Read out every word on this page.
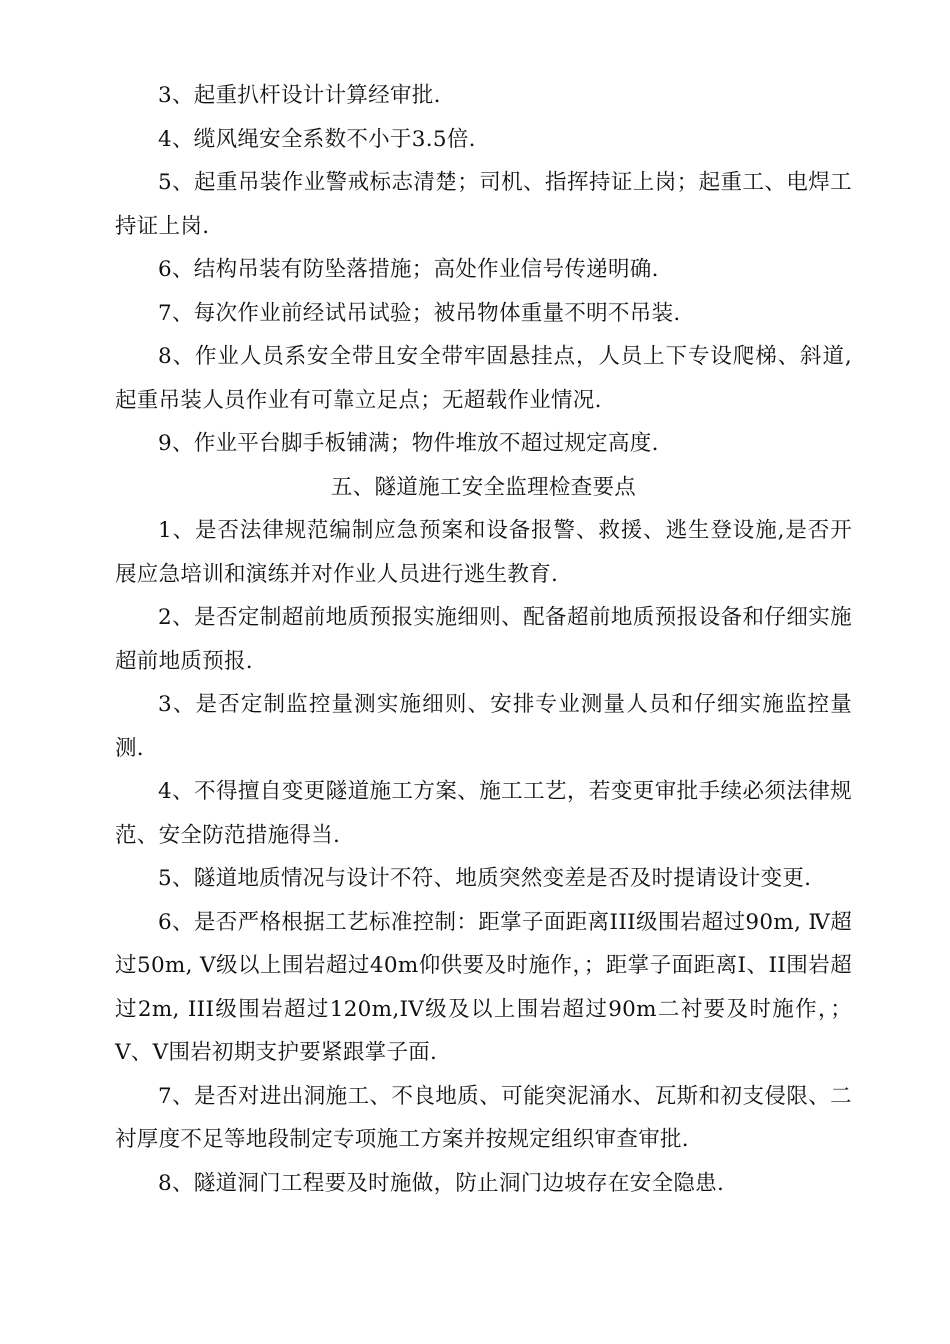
3、起重扒杆设计计算经审批.

4、缆风绳安全系数不小于3.5倍.

5、起重吊装作业警戒标志清楚；司机、指挥持证上岗；起重工、电焊工持证上岗.

6、结构吊装有防坠落措施；高处作业信号传递明确.

7、每次作业前经试吊试验；被吊物体重量不明不吊装.

8、作业人员系安全带且安全带牢固悬挂点，人员上下专设爬梯、斜道,起重吊装人员作业有可靠立足点；无超载作业情况.

9、作业平台脚手板铺满；物件堆放不超过规定高度.

五、隧道施工安全监理检查要点

1、是否法律规范编制应急预案和设备报警、救援、逃生登设施,是否开展应急培训和演练并对作业人员进行逃生教育.

2、是否定制超前地质预报实施细则、配备超前地质预报设备和仔细实施超前地质预报.

3、是否定制监控量测实施细则、安排专业测量人员和仔细实施监控量测.

4、不得擅自变更隧道施工方案、施工工艺，若变更审批手续必须法律规范、安全防范措施得当.

5、隧道地质情况与设计不符、地质突然变差是否及时提请设计变更.

6、是否严格根据工艺标准控制：距掌子面距离III级围岩超过90m, Ⅳ超过50m, Ⅴ级以上围岩超过40m仰供要及时施作，；距掌子面距离I、II围岩超过2m, III级围岩超过120m,IV级及以上围岩超过90m二衬要及时施作，；V、V围岩初期支护要紧跟掌子面.

7、是否对进出洞施工、不良地质、可能突泥涌水、瓦斯和初支侵限、二衬厚度不足等地段制定专项施工方案并按规定组织审查审批.

8、隧道洞门工程要及时施做，防止洞门边坡存在安全隐患.
